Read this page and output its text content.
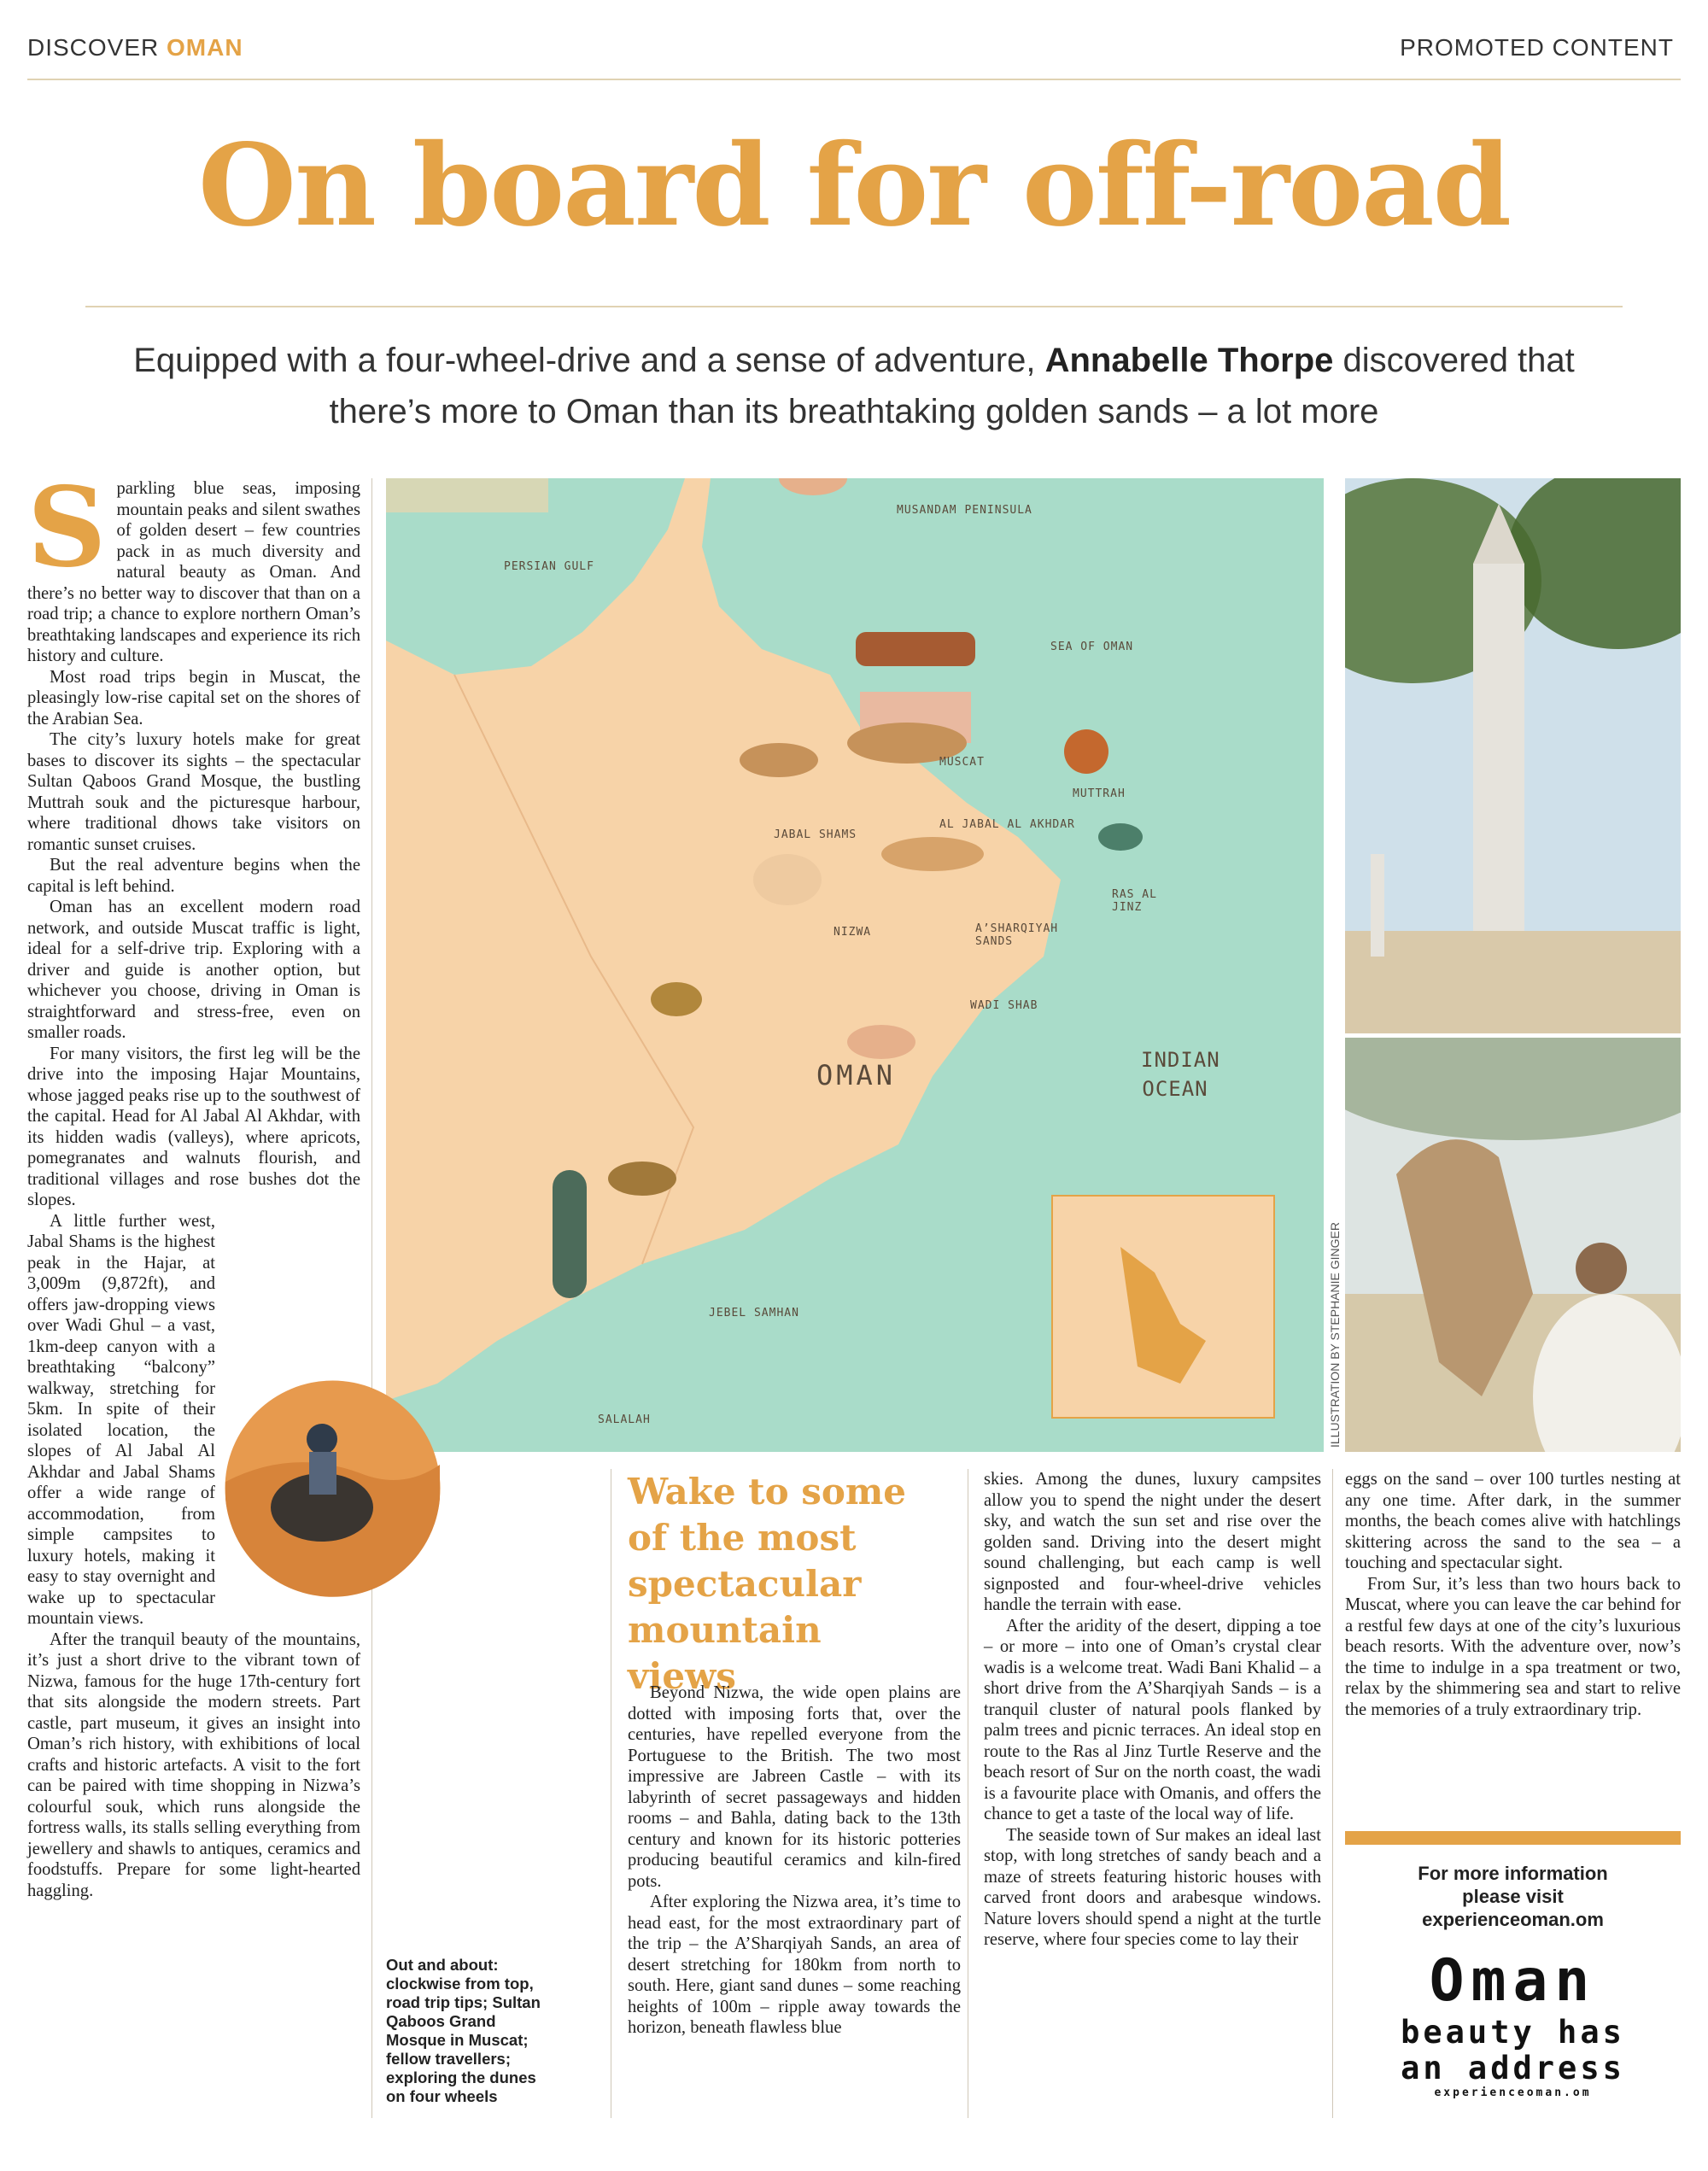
DISCOVER OMAN	PROMOTED CONTENT
On board for off-road
Equipped with a four-wheel-drive and a sense of adventure, Annabelle Thorpe discovered that there’s more to Oman than its breathtaking golden sands – a lot more
S parkling blue seas, imposing mountain peaks and silent swathes of golden desert – few countries pack in as much diversity and natural beauty as Oman. And there’s no better way to discover that than on a road trip; a chance to explore northern Oman’s breathtaking landscapes and experience its rich history and culture.

Most road trips begin in Muscat, the pleasingly low-rise capital set on the shores of the Arabian Sea.

The city’s luxury hotels make for great bases to discover its sights – the spectacular Sultan Qaboos Grand Mosque, the bustling Muttrah souk and the picturesque harbour, where traditional dhows take visitors on romantic sunset cruises.

But the real adventure begins when the capital is left behind.

Oman has an excellent modern road network, and outside Muscat traffic is light, ideal for a self-drive trip. Exploring with a driver and guide is another option, but whichever you choose, driving in Oman is straightforward and stress-free, even on smaller roads.

For many visitors, the first leg will be the drive into the imposing Hajar Mountains, whose jagged peaks rise up to the southwest of the capital. Head for Al Jabal Al Akhdar, with its hidden wadis (valleys), where apricots, pomegranates and walnuts flourish, and traditional villages and rose bushes dot the slopes.

A little further west, Jabal Shams is the highest peak in the Hajar, at 3,009m (9,872ft), and offers jaw-dropping views over Wadi Ghul – a vast, 1km-deep canyon with a breathtaking “balcony” walkway, stretching for 5km. In spite of their isolated location, the slopes of Al Jabal Al Akhdar and Jabal Shams offer a wide range of accommodation, from simple campsites to luxury hotels, making it easy to stay overnight and wake up to spectacular mountain views.

After the tranquil beauty of the mountains, it’s just a short drive to the vibrant town of Nizwa, famous for the huge 17th-century fort that sits alongside the modern streets. Part castle, part museum, it gives an insight into Oman’s rich history, with exhibitions of local crafts and historic artefacts. A visit to the fort can be paired with time shopping in Nizwa’s colourful souk, which runs alongside the fortress walls, its stalls selling everything from jewellery and shawls to antiques, ceramics and foodstuffs. Prepare for some light-hearted haggling.

MUSANDAM PENINSULA
PERSIAN GULF
SEA OF OMAN
MUSCAT
MUTTRAH
JABAL SHAMS
AL JABAL AL AKHDAR
RAS AL JINZ
NIZWA	A’SHARQIYAH SANDS
WADI SHAB
OMAN	INDIAN OCEAN
JEBEL SAMHAN
SALALAH	ILLUSTRATION BY STEPHANIE GINGER
Wake to some of the most spectacular mountain views

Beyond Nizwa, the wide open plains are dotted with imposing forts that, over the centuries, have repelled everyone from the Portuguese to the British. The two most impressive are Jabreen Castle – with its labyrinth of secret passageways and hidden rooms – and Bahla, dating back to the 13th century and known for its historic potteries producing beautiful ceramics and kiln-fired pots.

After exploring the Nizwa area, it’s time to head east, for the most extraordinary part of the trip – the A’Sharqiyah Sands, an area of desert stretching for 180km from north to south. Here, giant sand dunes – some reaching heights of 100m – ripple away towards the horizon, beneath flawless blue

Out and about: clockwise from top, road trip tips; Sultan Qaboos Grand Mosque in Muscat; fellow travellers; exploring the dunes on four wheels

skies. Among the dunes, luxury campsites allow you to spend the night under the desert sky, and watch the sun set and rise over the golden sand. Driving into the desert might sound challenging, but each camp is well signposted and four-wheel-drive vehicles handle the terrain with ease.

After the aridity of the desert, dipping a toe – or more – into one of Oman’s crystal clear wadis is a welcome treat. Wadi Bani Khalid – a short drive from the A’Sharqiyah Sands – is a tranquil cluster of natural pools flanked by palm trees and picnic terraces. An ideal stop en route to the Ras al Jinz Turtle Reserve and the beach resort of Sur on the north coast, the wadi is a favourite place with Omanis, and offers the chance to get a taste of the local way of life.

The seaside town of Sur makes an ideal last stop, with long stretches of sandy beach and a maze of streets featuring historic houses with carved front doors and arabesque windows. Nature lovers should spend a night at the turtle reserve, where four species come to lay their

eggs on the sand – over 100 turtles nesting at any one time. After dark, in the summer months, the beach comes alive with hatchlings skittering across the sand to the sea – a touching and spectacular sight.

From Sur, it’s less than two hours back to Muscat, where you can leave the car behind for a restful few days at one of the city’s luxurious beach resorts. With the adventure over, now’s the time to indulge in a spa treatment or two, relax by the shimmering sea and start to relive the memories of a truly extraordinary trip.

For more information
please visit
experienceoman.om
Oman
beauty has
an address
experienceoman.om
